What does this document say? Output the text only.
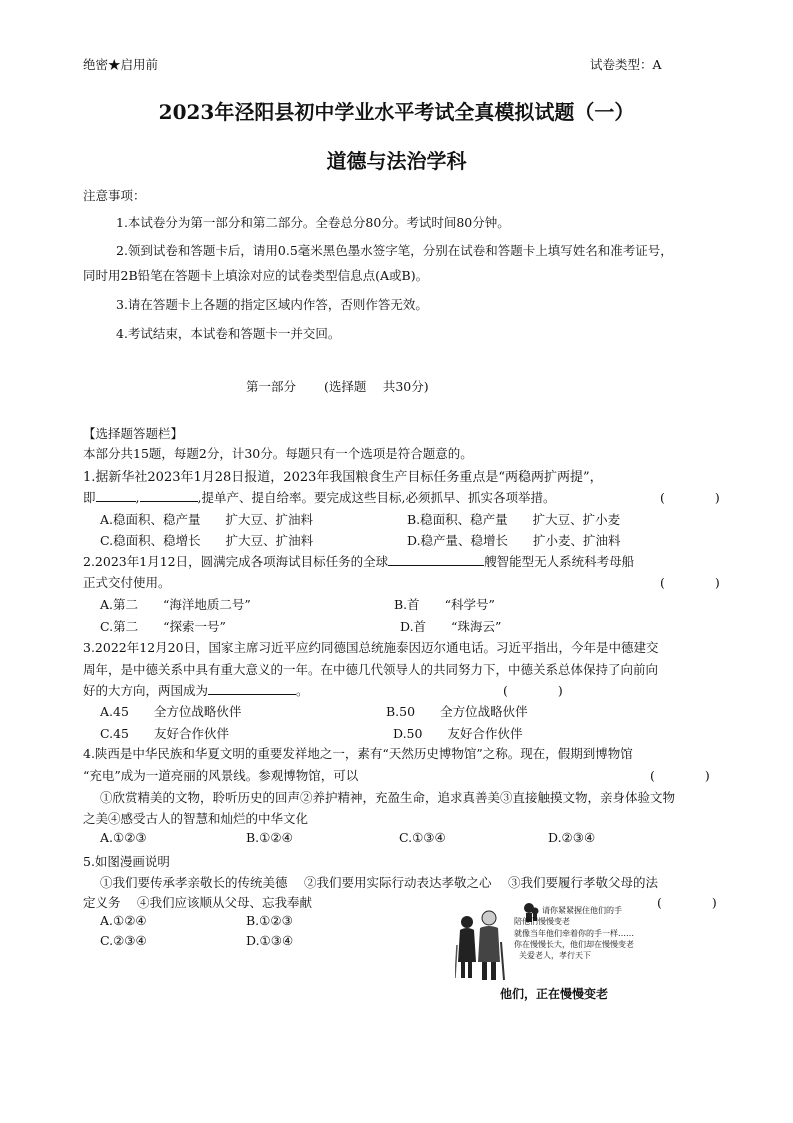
绝密★启用前	试卷类型：A
2023年泾阳县初中学业水平考试全真模拟试题（一）
道德与法治学科
注意事项：
1.本试卷分为第一部分和第二部分。全卷总分80分。考试时间80分钟。
2.领到试卷和答题卡后，请用0.5毫米黑色墨水签字笔，分别在试卷和答题卡上填写姓名和准考证号，
同时用2B铅笔在答题卡上填涂对应的试卷类型信息点(A或B)。
3.请在答题卡上各题的指定区域内作答，否则作答无效。
4.考试结束，本试卷和答题卡一并交回。
第一部分 (选择题　 共30分)
【选择题答题栏】
本部分共15题，每题2分，计30分。每题只有一个选项是符合题意的。
1.据新华社2023年1月28日报道，2023年我国粮食生产目标任务重点是“两稳两扩两提”，
即	,	,提单产、提自给率。要完成这些目标,必须抓早、抓实各项举措。	(　　　　)
A.稳面积、稳产量　　扩大豆、扩油料	B.稳面积、稳产量　　扩大豆、扩小麦
C.稳面积、稳增长　　扩大豆、扩油料	D.稳产量、稳增长　　扩小麦、扩油料
2.2023年1月12日，圆满完成各项海试目标任务的全球	艘智能型无人系统科考母船
正式交付使用。	(　　　　)
A.第二　　“海洋地质二号”	B.首　　“科学号”
C.第二　　“探索一号”	D.首　　“珠海云”
3.2022年12月20日，国家主席习近平应约同德国总统施泰因迈尔通电话。习近平指出，今年是中德建交
周年，是中德关系中具有重大意义的一年。在中德几代领导人的共同努力下，中德关系总体保持了向前向
好的大方向，两国成为	。	(　　　　)
A.45　　全方位战略伙伴	B.50　　全方位战略伙伴
C.45　　友好合作伙伴	D.50　　友好合作伙伴
4.陕西是中华民族和华夏文明的重要发祥地之一，素有“天然历史博物馆”之称。现在，假期到博物馆
“充电”成为一道亮丽的风景线。参观博物馆，可以	(　　　　)
①欣赏精美的文物，聆听历史的回声②养护精神，充盈生命，追求真善美③直接触摸文物，亲身体验文物
之美④感受古人的智慧和灿烂的中华文化
A.①②③	B.①②④	C.①③④	D.②③④
5.如图漫画说明
①我们要传承孝亲敬长的传统美德　 ②我们要用实际行动表达孝敬之心　 ③我们要履行孝敬父母的法
定义务　 ④我们应该顺从父母、忘我奉献	(　　　　)
A.①②④	B.①②③
C.②③④	D.①③④
请你紧紧握住他们的手
陪他们慢慢变老
就像当年他们牵着你的手一样……
你在慢慢长大，他们却在慢慢变老
关爱老人，孝行天下
他们，正在慢慢变老
